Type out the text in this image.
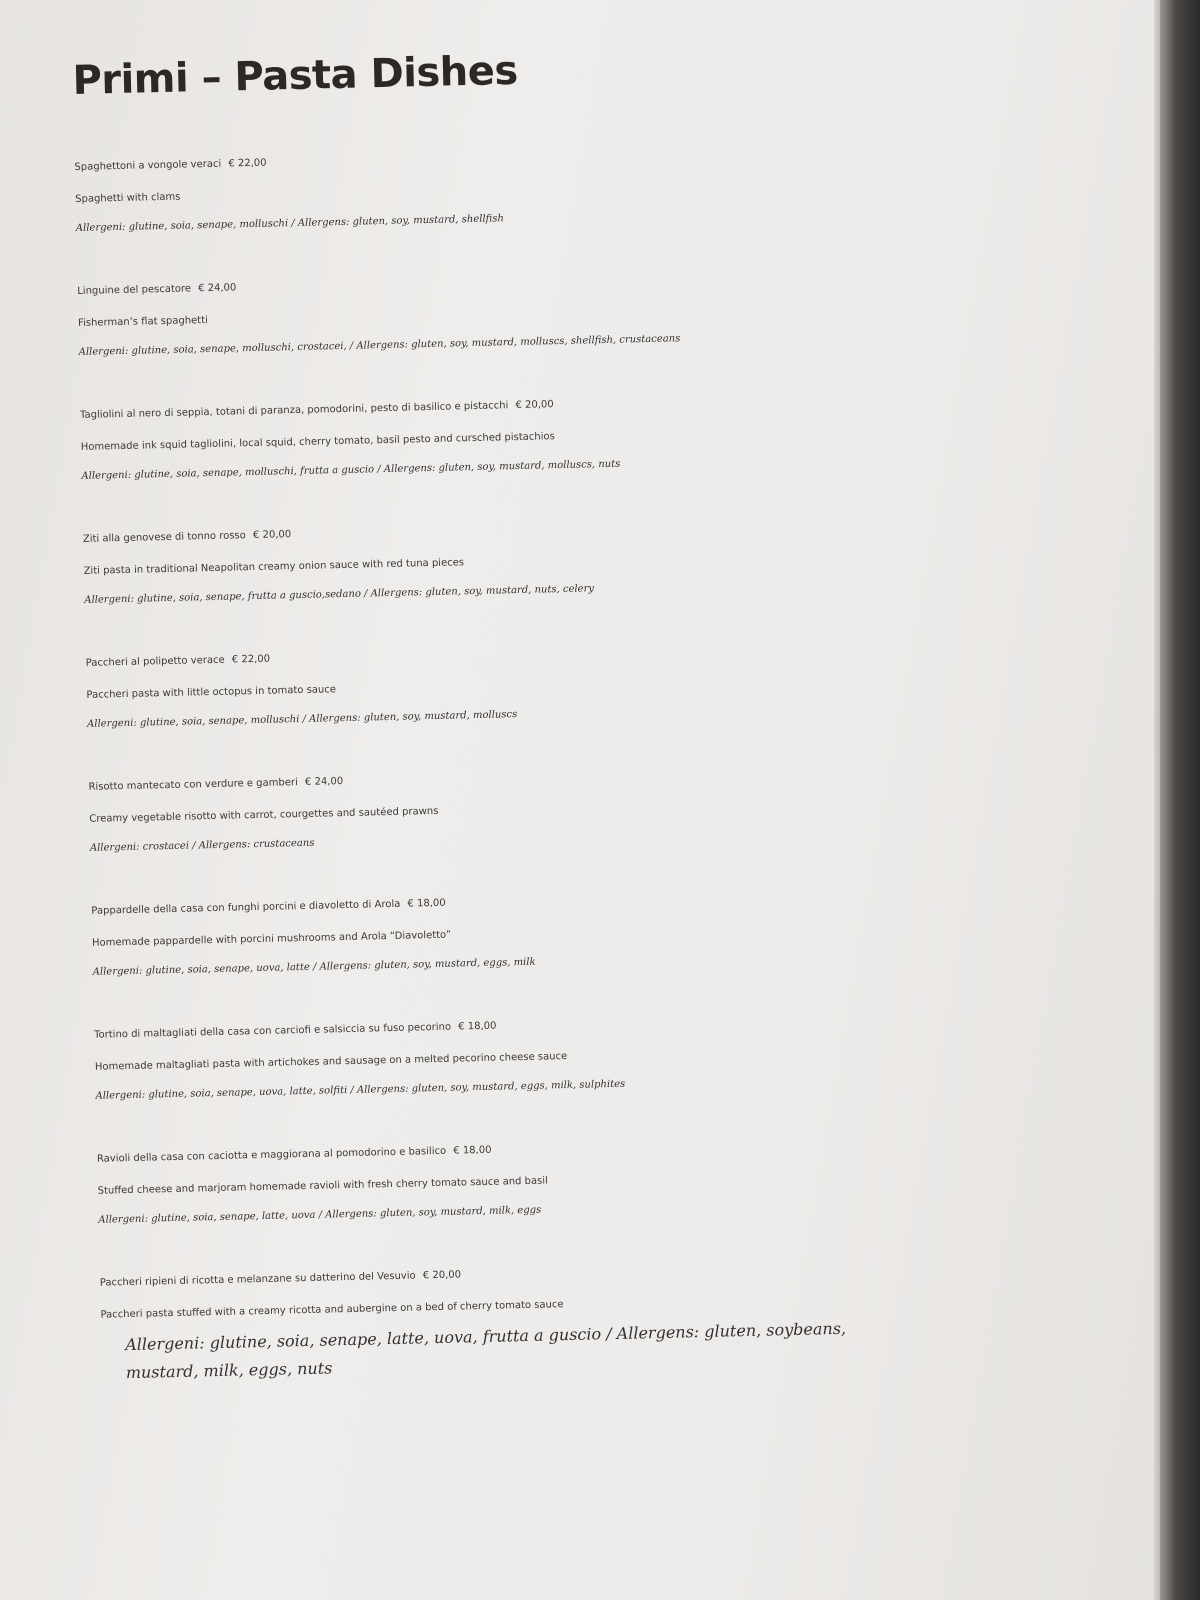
Primi – Pasta Dishes
Spaghettoni a vongole veraci € 22,00
Spaghetti with clams
Allergeni: glutine, soia, senape, molluschi / Allergens: gluten, soy, mustard, shellfish
Linguine del pescatore € 24,00
Fisherman’s flat spaghetti
Allergeni: glutine, soia, senape, molluschi, crostacei, / Allergens: gluten, soy, mustard, molluscs, shellfish, crustaceans
Tagliolini al nero di seppia, totani di paranza, pomodorini, pesto di basilico e pistacchi € 20,00
Homemade ink squid tagliolini, local squid, cherry tomato, basil pesto and cursched pistachios
Allergeni: glutine, soia, senape, molluschi, frutta a guscio / Allergens: gluten, soy, mustard, molluscs, nuts
Ziti alla genovese di tonno rosso € 20,00
Ziti pasta in traditional Neapolitan creamy onion sauce with red tuna pieces
Allergeni: glutine, soia, senape, frutta a guscio,sedano / Allergens: gluten, soy, mustard, nuts, celery
Paccheri al polipetto verace € 22,00
Paccheri pasta with little octopus in tomato sauce
Allergeni: glutine, soia, senape, molluschi / Allergens: gluten, soy, mustard, molluscs
Risotto mantecato con verdure e gamberi € 24,00
Creamy vegetable risotto with carrot, courgettes and sautéed prawns
Allergeni: crostacei / Allergens: crustaceans
Pappardelle della casa con funghi porcini e diavoletto di Arola € 18,00
Homemade pappardelle with porcini mushrooms and Arola “Diavoletto”
Allergeni: glutine, soia, senape, uova, latte / Allergens: gluten, soy, mustard, eggs, milk
Tortino di maltagliati della casa con carciofi e salsiccia su fuso pecorino € 18,00
Homemade maltagliati pasta with artichokes and sausage on a melted pecorino cheese sauce
Allergeni: glutine, soia, senape, uova, latte, solfiti / Allergens: gluten, soy, mustard, eggs, milk, sulphites
Ravioli della casa con caciotta e maggiorana al pomodorino e basilico € 18,00
Stuffed cheese and marjoram homemade ravioli with fresh cherry tomato sauce and basil
Allergeni: glutine, soia, senape, latte, uova / Allergens: gluten, soy, mustard, milk, eggs
Paccheri ripieni di ricotta e melanzane su datterino del Vesuvio € 20,00
Paccheri pasta stuffed with a creamy ricotta and aubergine on a bed of cherry tomato sauce
Allergeni: glutine, soia, senape, latte, uova, frutta a guscio / Allergens: gluten, soybeans, mustard, milk, eggs, nuts
